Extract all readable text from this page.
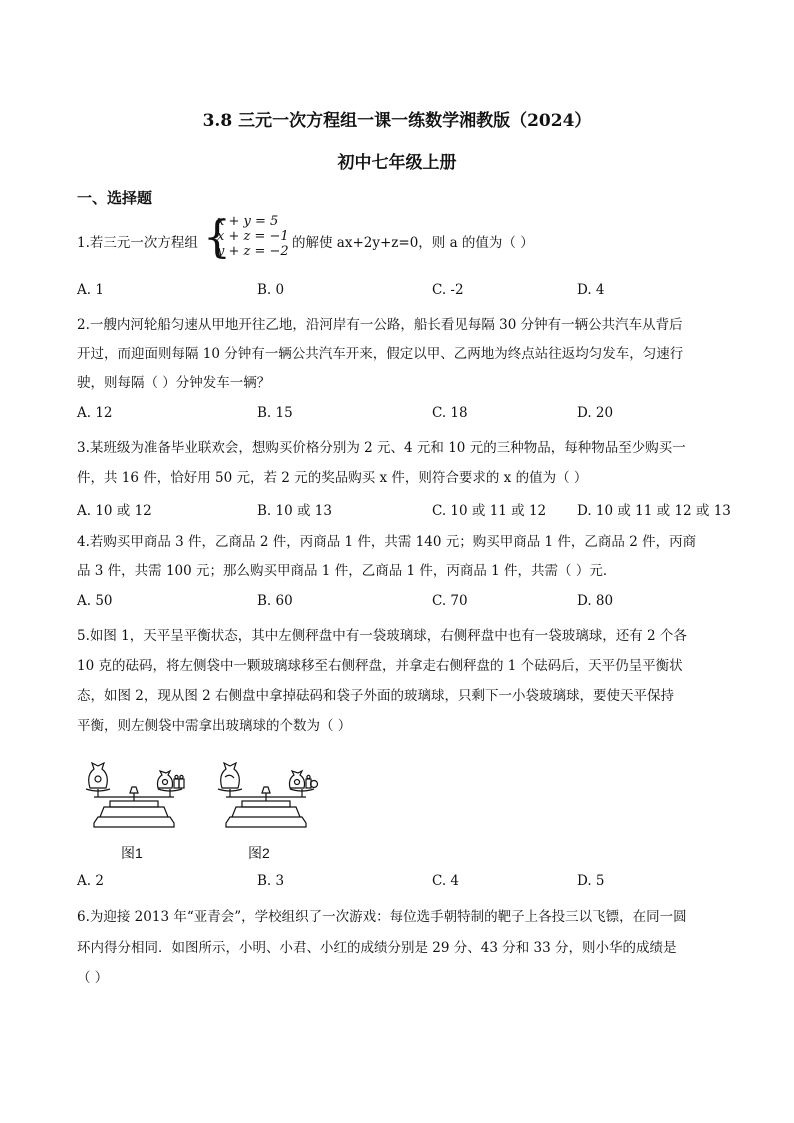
3.8 三元一次方程组一课一练数学湘教版（2024）
初中七年级上册
一、选择题
1.若三元一次方程组 {
x + y = 5
x + z = −1
y + z = −2
的解使 ax+2y+z=0，则 a 的值为（ ）
A. 1	B. 0	C. -2	D. 4
2.一艘内河轮船匀速从甲地开往乙地，沿河岸有一公路，船长看见每隔 30 分钟有一辆公共汽车从背后
开过，而迎面则每隔 10 分钟有一辆公共汽车开来，假定以甲、乙两地为终点站往返均匀发车，匀速行
驶，则每隔（ ）分钟发车一辆？
A. 12	B. 15	C. 18	D. 20
3.某班级为准备毕业联欢会，想购买价格分别为 2 元、4 元和 10 元的三种物品，每种物品至少购买一
件，共 16 件，恰好用 50 元，若 2 元的奖品购买 x 件，则符合要求的 x 的值为（ ）
A. 10 或 12	B. 10 或 13	C. 10 或 11 或 12 D. 10 或 11 或 12 或 13
4.若购买甲商品 3 件，乙商品 2 件，丙商品 1 件，共需 140 元；购买甲商品 1 件，乙商品 2 件，丙商
品 3 件，共需 100 元；那么购买甲商品 1 件，乙商品 1 件，丙商品 1 件，共需（ ）元．
A. 50	B. 60	C. 70	D. 80
5.如图 1，天平呈平衡状态，其中左侧秤盘中有一袋玻璃球，右侧秤盘中也有一袋玻璃球，还有 2 个各
10 克的砝码，将左侧袋中一颗玻璃球移至右侧秤盘，并拿走右侧秤盘的 1 个砝码后，天平仍呈平衡状
态，如图 2，现从图 2 右侧盘中拿掉砝码和袋子外面的玻璃球，只剩下一小袋玻璃球，要使天平保持
平衡，则左侧袋中需拿出玻璃球的个数为（ ）
图1	图2
A. 2	B. 3	C. 4	D. 5
6.为迎接 2013 年“亚青会”，学校组织了一次游戏：每位选手朝特制的靶子上各投三以飞镖，在同一圆
环内得分相同．如图所示，小明、小君、小红的成绩分别是 29 分、43 分和 33 分，则小华的成绩是
（ ）
